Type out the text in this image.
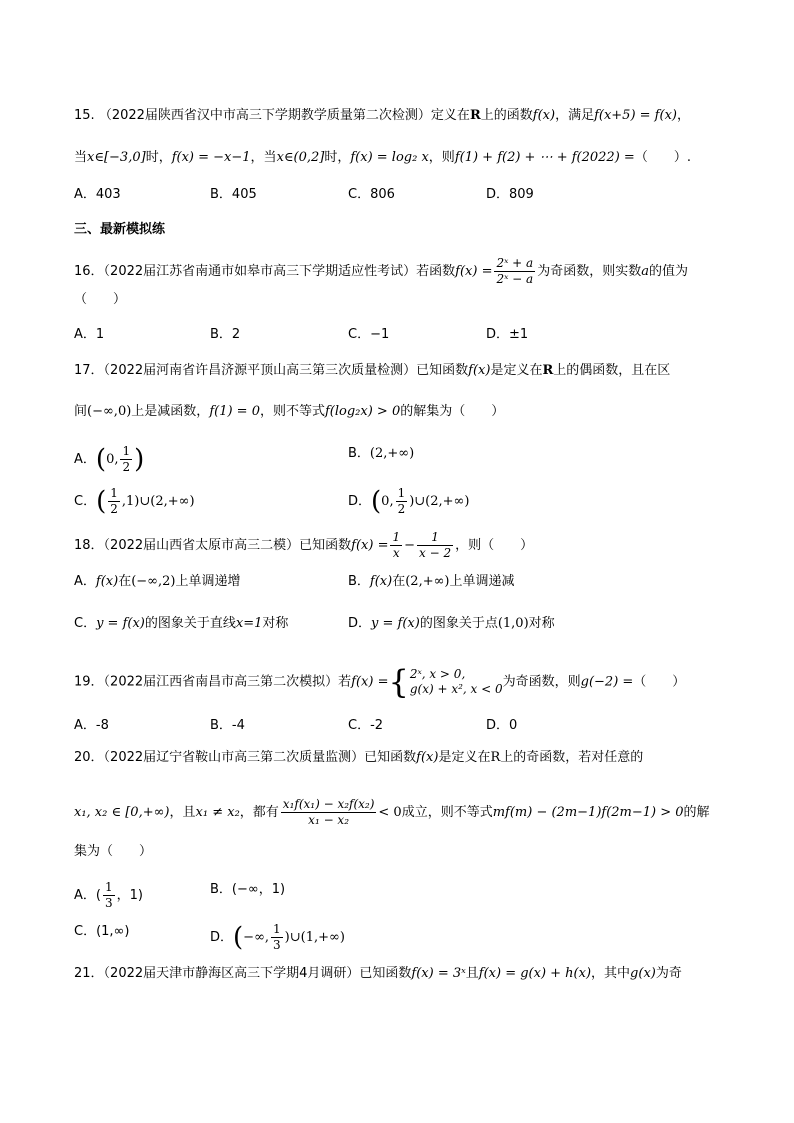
15. （2022届陕西省汉中市高三下学期教学质量第二次检测）定义在R上的函数f(x)，满足f(x+5) = f(x)，
当x∈[−3,0]时，f(x) = −x−1，当x∈(0,2]时，f(x) = log₂ x，则f(1) + f(2) + ⋯ + f(2022) =（　　）.
A．403	B．405	C．806	D．809
三、最新模拟练
16．（2022届江苏省南通市如皋市高三下学期适应性考试）若函数$f(x) = \frac{\text{2ˣ + a}}{\text{2ˣ − a}}$ 为奇函数，则实数a的值为
（　　）
A．1	B．2	C．−1	D．±1
17．（2022届河南省许昌济源平顶山高三第三次质量检测）已知函数f(x)是定义在R上的偶函数，且在区
间(−∞,0)上是减函数，f(1) = 0，则不等式f(log₂x) > 0的解集为（　　）
A．(0, $\frac{1}{2}$ )	B．(2,+∞)
C．( $\frac{1}{2}$ ,1)∪(2,+∞)	D．(0, $\frac{1}{2}$ )∪(2,+∞)
18．（2022届山西省太原市高三二模）已知函数$f(x) = \frac{1}{x} - \frac{1}{x - 2}$ ，则（　　）
A．f(x)在(−∞,2)上单调递增	B．f(x)在(2,+∞)上单调递减
C．y = f(x)的图象关于直线x=1对称	D．y = f(x)的图象关于点(1,0)对称
19．（2022届江西省南昌市高三第二次模拟）若f(x) ={ 2ˣ, x > 0,
g(x) + x², x < 0 为奇函数，则g(−2) =（　　）
A．-8	B．-4	C．-2	D．0
20．（2022届辽宁省鞍山市高三第二次质量监测）已知函数f(x)是定义在R上的奇函数，若对任意的
x₁, x₂ ∈ [0,+∞)，且x₁ ≠ x₂，都有 $\frac{\text{x₁f(x₁) − x₂f(x₂)}}{\text{x₁ − x₂}} < 0$成立，则不等式mf(m) − (2m−1)f(2m−1) > 0的解
集为（　　）
A．( $\frac{1}{3}$ ，1)	B．(−∞，1)
C．(1,∞)	D．(−∞, $\frac{1}{3}$ )∪(1,+∞)
21．（2022届天津市静海区高三下学期4月调研）已知函数f(x) = 3ˣ且f(x) = g(x) + h(x)，其中g(x)为奇
